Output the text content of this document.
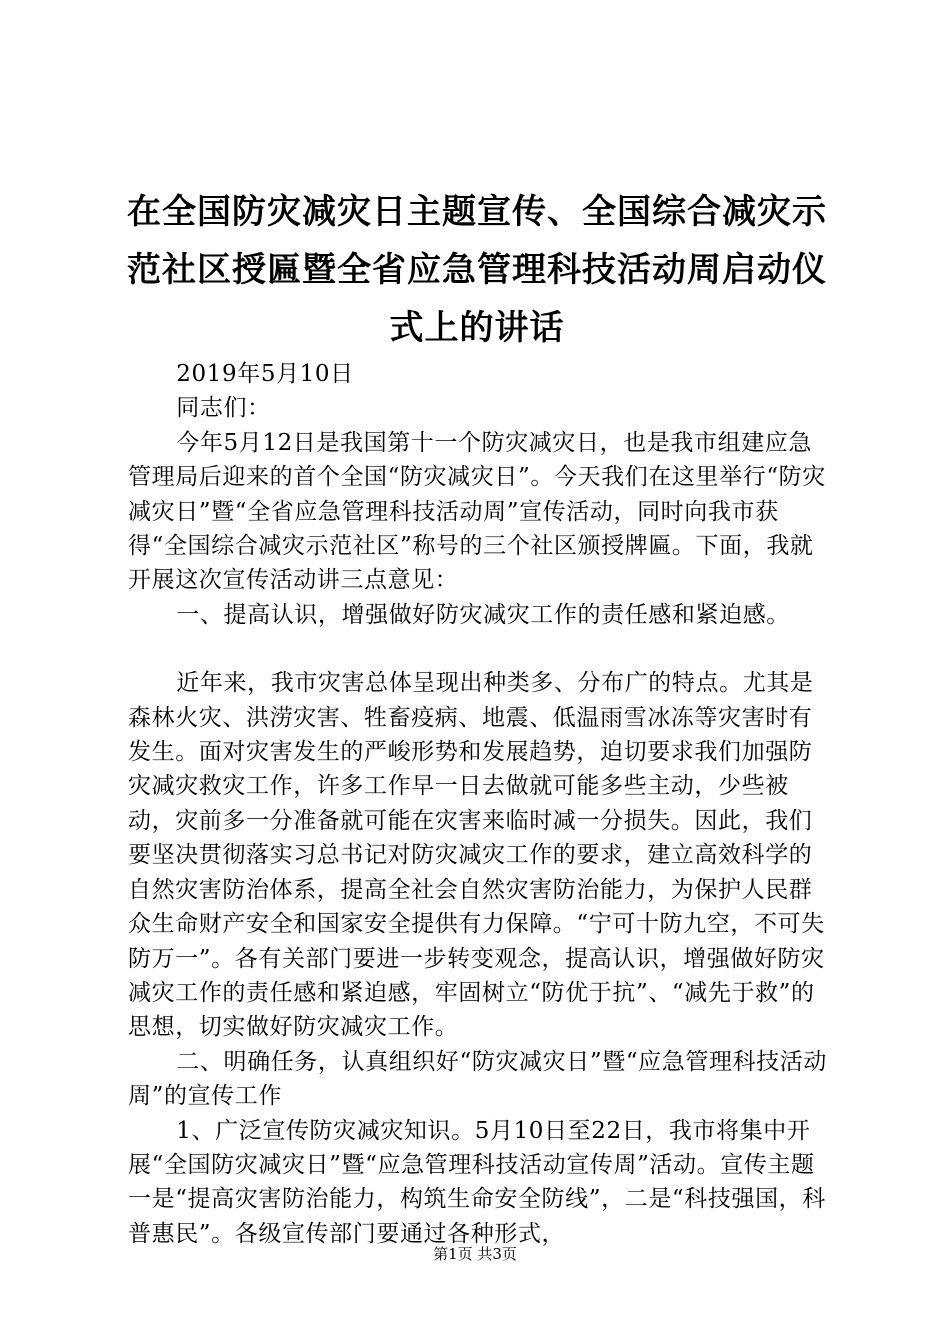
在全国防灾减灾日主题宣传、全国综合减灾示范社区授匾暨全省应急管理科技活动周启动仪式上的讲话

2019年5月10日

同志们：

今年5月12日是我国第十一个防灾减灾日，也是我市组建应急管理局后迎来的首个全国“防灾减灾日”。今天我们在这里举行“防灾减灾日”暨“全省应急管理科技活动周”宣传活动，同时向我市获得“全国综合减灾示范社区”称号的三个社区颁授牌匾。下面，我就开展这次宣传活动讲三点意见：

一、提高认识，增强做好防灾减灾工作的责任感和紧迫感。

近年来，我市灾害总体呈现出种类多、分布广的特点。尤其是森林火灾、洪涝灾害、牲畜疫病、地震、低温雨雪冰冻等灾害时有发生。面对灾害发生的严峻形势和发展趋势，迫切要求我们加强防灾减灾救灾工作，许多工作早一日去做就可能多些主动，少些被动，灾前多一分准备就可能在灾害来临时减一分损失。因此，我们要坚决贯彻落实习总书记对防灾减灾工作的要求，建立高效科学的自然灾害防治体系，提高全社会自然灾害防治能力，为保护人民群众生命财产安全和国家安全提供有力保障。“宁可十防九空，不可失防万一”。各有关部门要进一步转变观念，提高认识，增强做好防灾减灾工作的责任感和紧迫感，牢固树立“防优于抗”、“减先于救”的思想，切实做好防灾减灾工作。

二、明确任务，认真组织好“防灾减灾日”暨“应急管理科技活动周”的宣传工作

1、广泛宣传防灾减灾知识。5月10日至22日，我市将集中开展“全国防灾减灾日”暨“应急管理科技活动宣传周”活动。宣传主题一是“提高灾害防治能力，构筑生命安全防线”，二是“科技强国，科普惠民”。各级宣传部门要通过各种形式，

第1页 共3页
